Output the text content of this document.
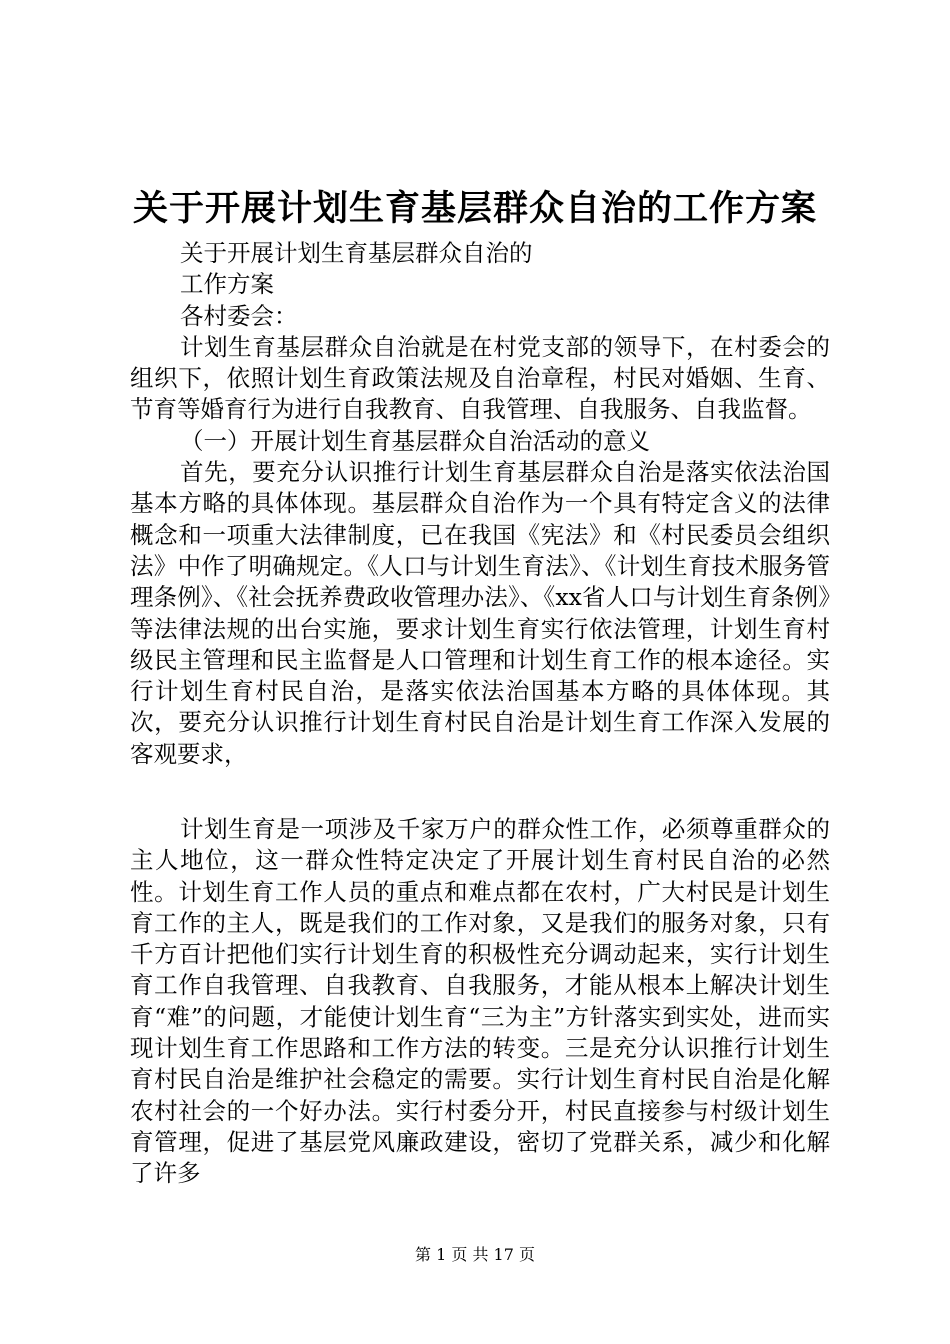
关于开展计划生育基层群众自治的工作方案

关于开展计划生育基层群众自治的

工作方案

各村委会：

计划生育基层群众自治就是在村党支部的领导下，在村委会的组织下，依照计划生育政策法规及自治章程，村民对婚姻、生育、节育等婚育行为进行自我教育、自我管理、自我服务、自我监督。

（一）开展计划生育基层群众自治活动的意义

首先，要充分认识推行计划生育基层群众自治是落实依法治国基本方略的具体体现。基层群众自治作为一个具有特定含义的法律概念和一项重大法律制度，已在我国《宪法》和《村民委员会组织法》中作了明确规定。《人口与计划生育法》、《计划生育技术服务管理条例》、《社会抚养费政收管理办法》、《xx省人口与计划生育条例》等法律法规的出台实施，要求计划生育实行依法管理，计划生育村级民主管理和民主监督是人口管理和计划生育工作的根本途径。实行计划生育村民自治，是落实依法治国基本方略的具体体现。其次，要充分认识推行计划生育村民自治是计划生育工作深入发展的客观要求，

计划生育是一项涉及千家万户的群众性工作，必须尊重群众的主人地位，这一群众性特定决定了开展计划生育村民自治的必然性。计划生育工作人员的重点和难点都在农村，广大村民是计划生育工作的主人，既是我们的工作对象，又是我们的服务对象，只有千方百计把他们实行计划生育的积极性充分调动起来，实行计划生育工作自我管理、自我教育、自我服务，才能从根本上解决计划生育“难”的问题，才能使计划生育“三为主”方针落实到实处，进而实现计划生育工作思路和工作方法的转变。三是充分认识推行计划生育村民自治是维护社会稳定的需要。实行计划生育村民自治是化解农村社会的一个好办法。实行村委分开，村民直接参与村级计划生育管理，促进了基层党风廉政建设，密切了党群关系，减少和化解了许多

第 1 页 共 17 页
